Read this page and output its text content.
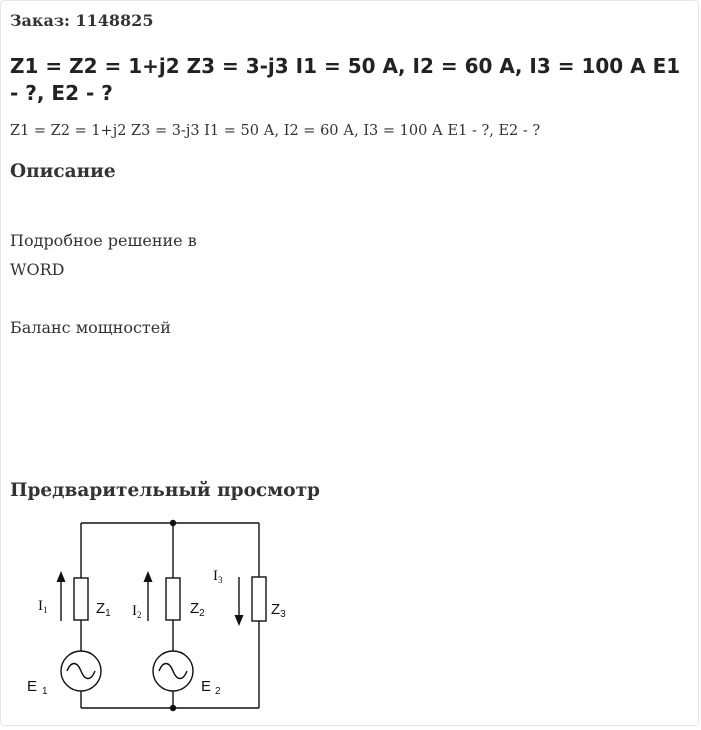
Заказ: 1148825
Z1 = Z2 = 1+j2 Z3 = 3-j3 I1 = 50 А, I2 = 60 А, I3 = 100 А E1 - ?, E2 - ?
Z1 = Z2 = 1+j2 Z3 = 3-j3 I1 = 50 А, I2 = 60 А, I3 = 100 А E1 - ?, E2 - ?
Описание

Подробное решение в

WORD

Баланс мощностей

Предварительный просмотр
$I_1$	$Z_1$ $I_2$	$Z_2$
$I_3$
$Z_3$
E $_1$	E $_2$
